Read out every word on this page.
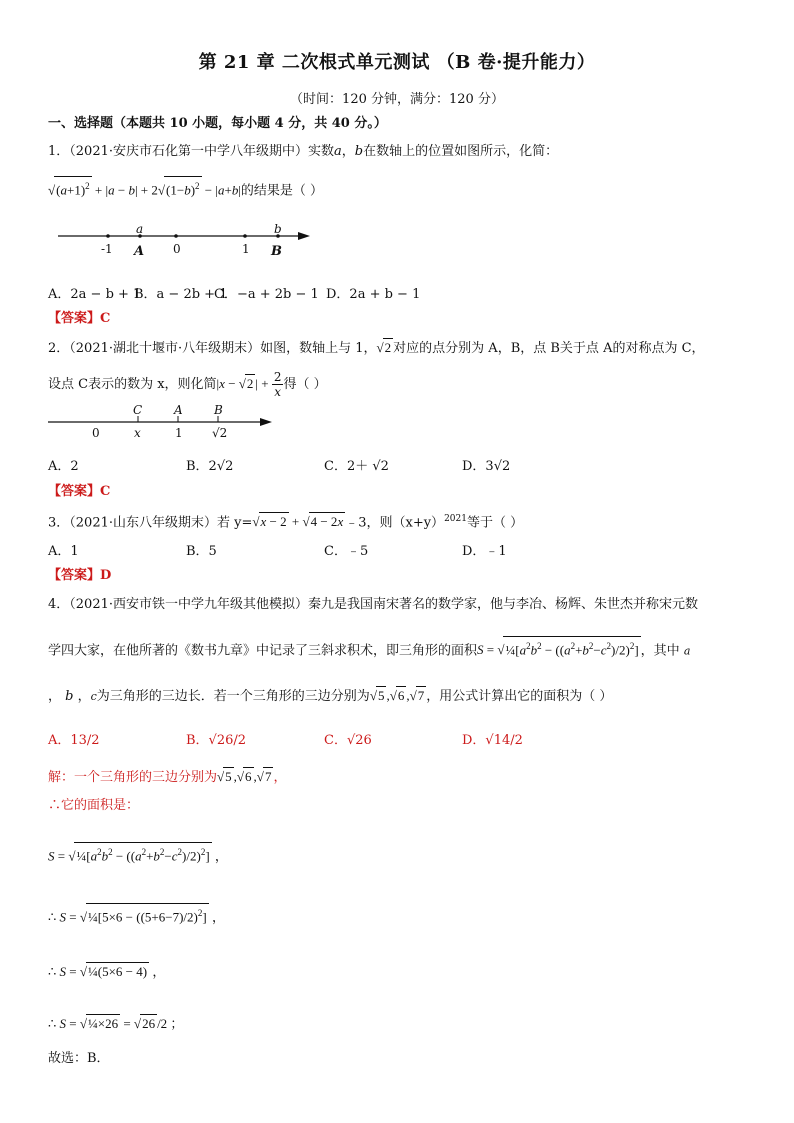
第 21 章 二次根式单元测试 （B 卷·提升能力）
（时间：120 分钟，满分：120 分）
一、选择题（本题共 10 小题，每小题 4 分，共 40 分。）
1．（2021·安庆市石化第一中学八年级期中）实数a，b在数轴上的位置如图所示，化简：
$√(a+1)^2 + |a - b| + 2√(1-b)^2 - |a+b|$的结果是（ ）
a	b
-1 A 0	1 B
A．2a − b + 1
B．a − 2b + 1
C．−a + 2b − 1 D．2a + b − 1
【答案】C
2．（2021·湖北十堰市·八年级期末）如图，数轴上与 1，√2 对应的点分别为 A，B，点 B关于点 A的对称点为 C，
设点 C表示的数为 x，则化简|x − √2 | + $\frac{2}{x}$ 得（ ）
C	A	B
0	x	1 √2
A．2	B．2√2	C．2＋ √2	D．3√2
【答案】C
3．（2021·山东八年级期末）若 y=√x − 2 + √4 − 2x ﹣3，则$(x+y)^{2021}$等于（ ）
A．1	B．5	C．﹣5	D．﹣1
【答案】D
4．（2021·西安市铁一中学九年级其他模拟）秦九是我国南宋著名的数学家，他与李冶、杨辉、朱世杰并称宋元数
学四大家，在他所著的《数书九章》中记录了三斜求积术，即三角形的面积$S = √\frac{1}{4}[a^2b^2 - ((a^2+b^2-c^2)/2)^2]$ ，其中 a
， b ，c为三角形的三边长．若一个三角形的三边分别为√5 ,√6 ,√7 ，用公式计算出它的面积为（ ）
A．13/2	B．√26/2	C．√26	D．√14/2
解：一个三角形的三边分别为√5 ,√6 ,√7 ，
∴它的面积是：
$S = √\frac{1}{4}[a^2b^2 - ((a^2+b^2-c^2)/2)^2]$ ，
∴ S = √¼[5×6 − $((5+6-7)/2)^2$] ，
∴ S = √¼(5×6 − 4) ，
∴ S = √¼×26 = √26 /2 ；
故选：B．
